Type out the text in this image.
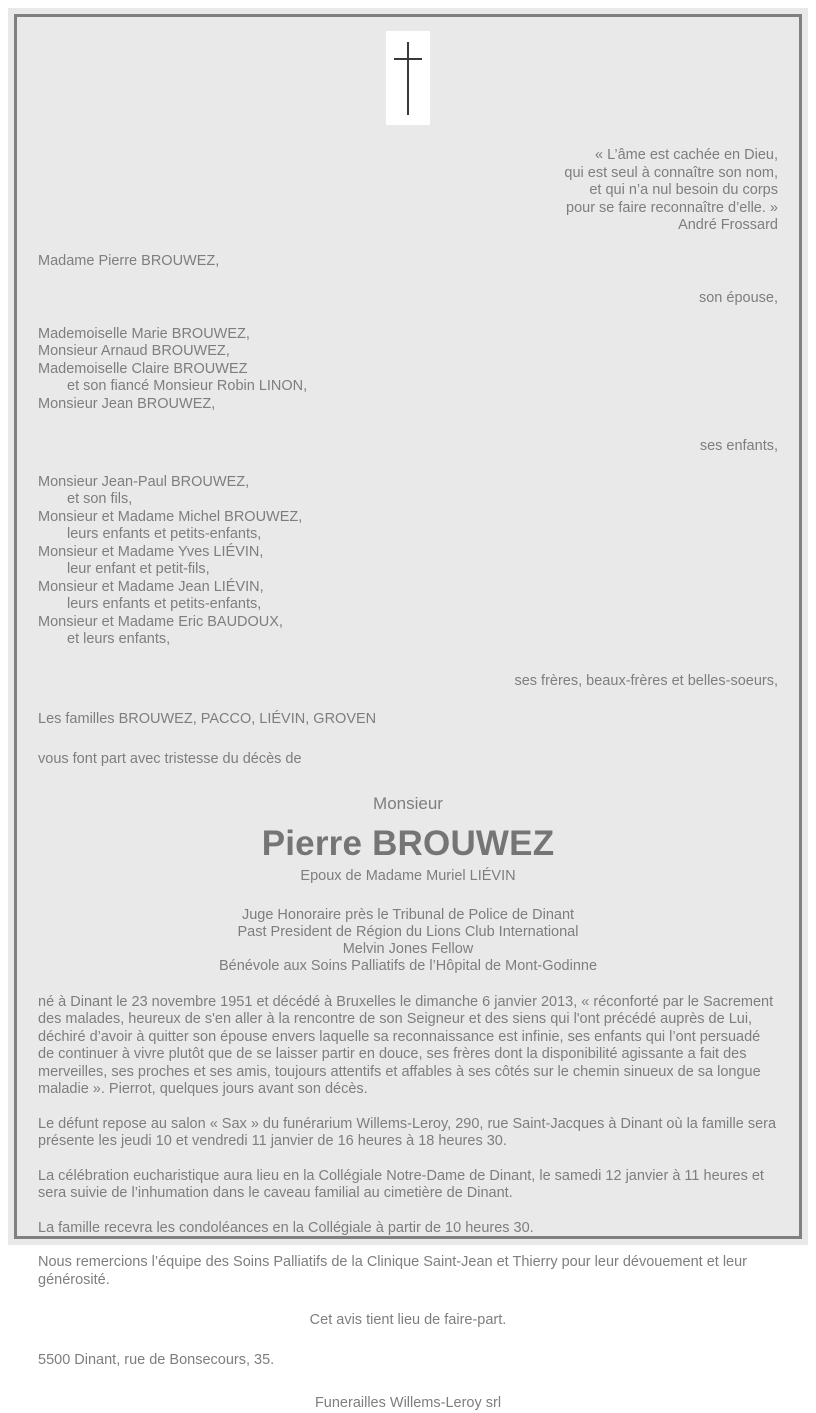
« L’âme est cachée en Dieu,
qui est seul à connaître son nom,
et qui n’a nul besoin du corps
pour se faire reconnaître d’elle. »
André Frossard
Madame Pierre BROUWEZ,
son épouse,
Mademoiselle Marie BROUWEZ,
Monsieur Arnaud BROUWEZ,
Mademoiselle Claire BROUWEZ
et son fiancé Monsieur Robin LINON,
Monsieur Jean BROUWEZ,
ses enfants,
Monsieur Jean-Paul BROUWEZ,
et son fils,
Monsieur et Madame Michel BROUWEZ,
leurs enfants et petits-enfants,
Monsieur et Madame Yves LIÉVIN,
leur enfant et petit-fils,
Monsieur et Madame Jean LIÉVIN,
leurs enfants et petits-enfants,
Monsieur et Madame Eric BAUDOUX,
et leurs enfants,
ses frères, beaux-frères et belles-soeurs,
Les familles BROUWEZ, PACCO, LIÉVIN, GROVEN
vous font part avec tristesse du décès de
Monsieur
Pierre BROUWEZ
Epoux de Madame Muriel LIÉVIN
Juge Honoraire près le Tribunal de Police de Dinant
Past President de Région du Lions Club International
Melvin Jones Fellow
Bénévole aux Soins Palliatifs de l’Hôpital de Mont-Godinne
né à Dinant le 23 novembre 1951 et décédé à Bruxelles le dimanche 6 janvier 2013, « réconforté par le Sacrement des malades, heureux de s'en aller à la rencontre de son Seigneur et des siens qui l'ont précédé auprès de Lui, déchiré d’avoir à quitter son épouse envers laquelle sa reconnaissance est infinie, ses enfants qui l’ont persuadé de continuer à vivre plutôt que de se laisser partir en douce, ses frères dont la disponibilité agissante a fait des merveilles, ses proches et ses amis, toujours attentifs et affables à ses côtés sur le chemin sinueux de sa longue maladie ». Pierrot, quelques jours avant son décès.
Le défunt repose au salon « Sax » du funérarium Willems-Leroy, 290, rue Saint-Jacques à Dinant où la famille sera présente les jeudi 10 et vendredi 11 janvier de 16 heures à 18 heures 30.
La célébration eucharistique aura lieu en la Collégiale Notre-Dame de Dinant, le samedi 12 janvier à 11 heures et sera suivie de l’inhumation dans le caveau familial au cimetière de Dinant.
La famille recevra les condoléances en la Collégiale à partir de 10 heures 30.
Nous remercions l’équipe des Soins Palliatifs de la Clinique Saint-Jean et Thierry pour leur dévouement et leur générosité.
Cet avis tient lieu de faire-part.
5500 Dinant, rue de Bonsecours, 35.
Funerailles Willems-Leroy srl
